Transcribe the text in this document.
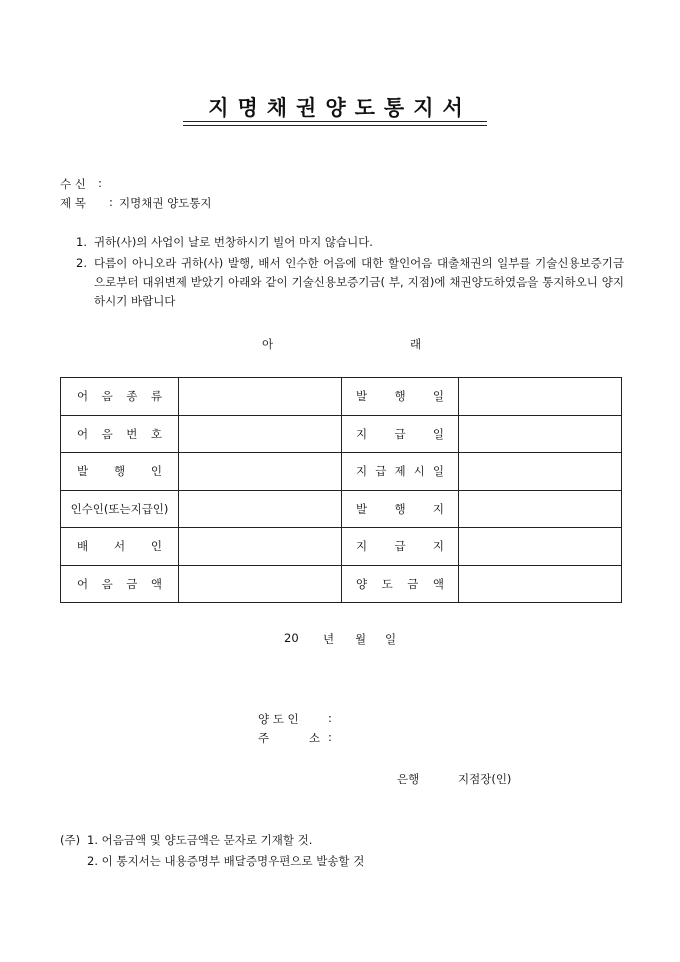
지명채권양도통지서
수 신 :
제 목 : 지명채권 양도통지
1. 귀하(사)의 사업이 날로 번창하시기 빌어 마지 않습니다.
2. 다름이 아니오라 귀하(사) 발행, 배서 인수한 어음에 대한 할인어음 대출채권의 일부를 기술신용보증기금으로부터 대위변제 받았기 아래와 같이 기술신용보증기금( 부, 지점)에 채권양도하였음을 통지하오니 양지하시기 바랍니다
아	래
어 음 종 류		발 행 일	

어 음 번 호		지 급 일	

발 행 인		지 급 제 시 일	

인수인(또는지급인)		발 행 지	

배 서 인		지 급 지	

어 음 금 액		양 도 금 액	

20 년 월 일
양 도 인	:
주	소 :
은행	지점장(인)
(주) 1. 어음금액 및 양도금액은 문자로 기재할 것.
2. 이 통지서는 내용증명부 배달증명우편으로 발송할 것
